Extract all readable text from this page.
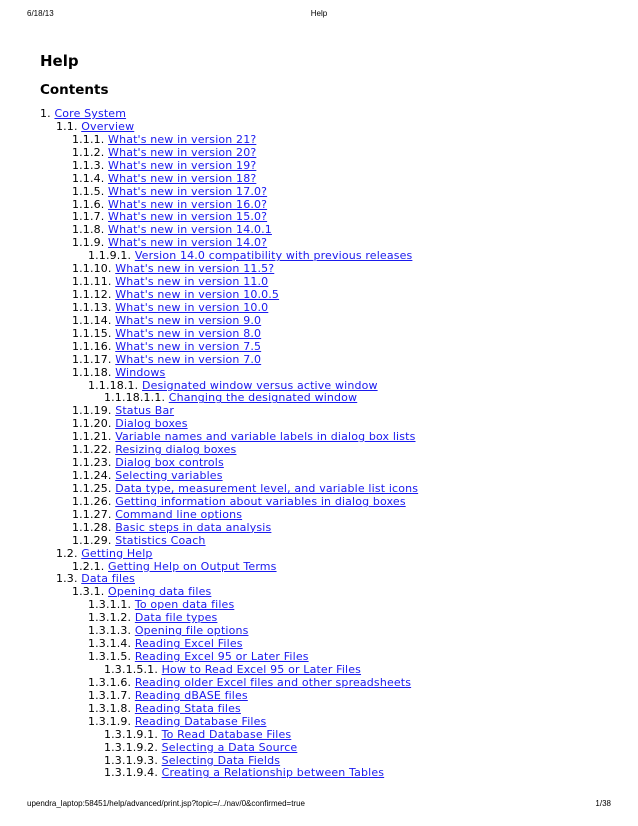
6/18/13	Help
Help
Contents
1. Core System
1.1. Overview
1.1.1. What's new in version 21?
1.1.2. What's new in version 20?
1.1.3. What's new in version 19?
1.1.4. What's new in version 18?
1.1.5. What's new in version 17.0?
1.1.6. What's new in version 16.0?
1.1.7. What's new in version 15.0?
1.1.8. What's new in version 14.0.1
1.1.9. What's new in version 14.0?
1.1.9.1. Version 14.0 compatibility with previous releases
1.1.10. What's new in version 11.5?
1.1.11. What's new in version 11.0
1.1.12. What's new in version 10.0.5
1.1.13. What's new in version 10.0
1.1.14. What's new in version 9.0
1.1.15. What's new in version 8.0
1.1.16. What's new in version 7.5
1.1.17. What's new in version 7.0
1.1.18. Windows
1.1.18.1. Designated window versus active window
1.1.18.1.1. Changing the designated window
1.1.19. Status Bar
1.1.20. Dialog boxes
1.1.21. Variable names and variable labels in dialog box lists
1.1.22. Resizing dialog boxes
1.1.23. Dialog box controls
1.1.24. Selecting variables
1.1.25. Data type, measurement level, and variable list icons
1.1.26. Getting information about variables in dialog boxes
1.1.27. Command line options
1.1.28. Basic steps in data analysis
1.1.29. Statistics Coach
1.2. Getting Help
1.2.1. Getting Help on Output Terms
1.3. Data files
1.3.1. Opening data files
1.3.1.1. To open data files
1.3.1.2. Data file types
1.3.1.3. Opening file options
1.3.1.4. Reading Excel Files
1.3.1.5. Reading Excel 95 or Later Files
1.3.1.5.1. How to Read Excel 95 or Later Files
1.3.1.6. Reading older Excel files and other spreadsheets
1.3.1.7. Reading dBASE files
1.3.1.8. Reading Stata files
1.3.1.9. Reading Database Files
1.3.1.9.1. To Read Database Files
1.3.1.9.2. Selecting a Data Source
1.3.1.9.3. Selecting Data Fields
1.3.1.9.4. Creating a Relationship between Tables
upendra_laptop:58451/help/advanced/print.jsp?topic=/../nav/0&confirmed=true	1/38
